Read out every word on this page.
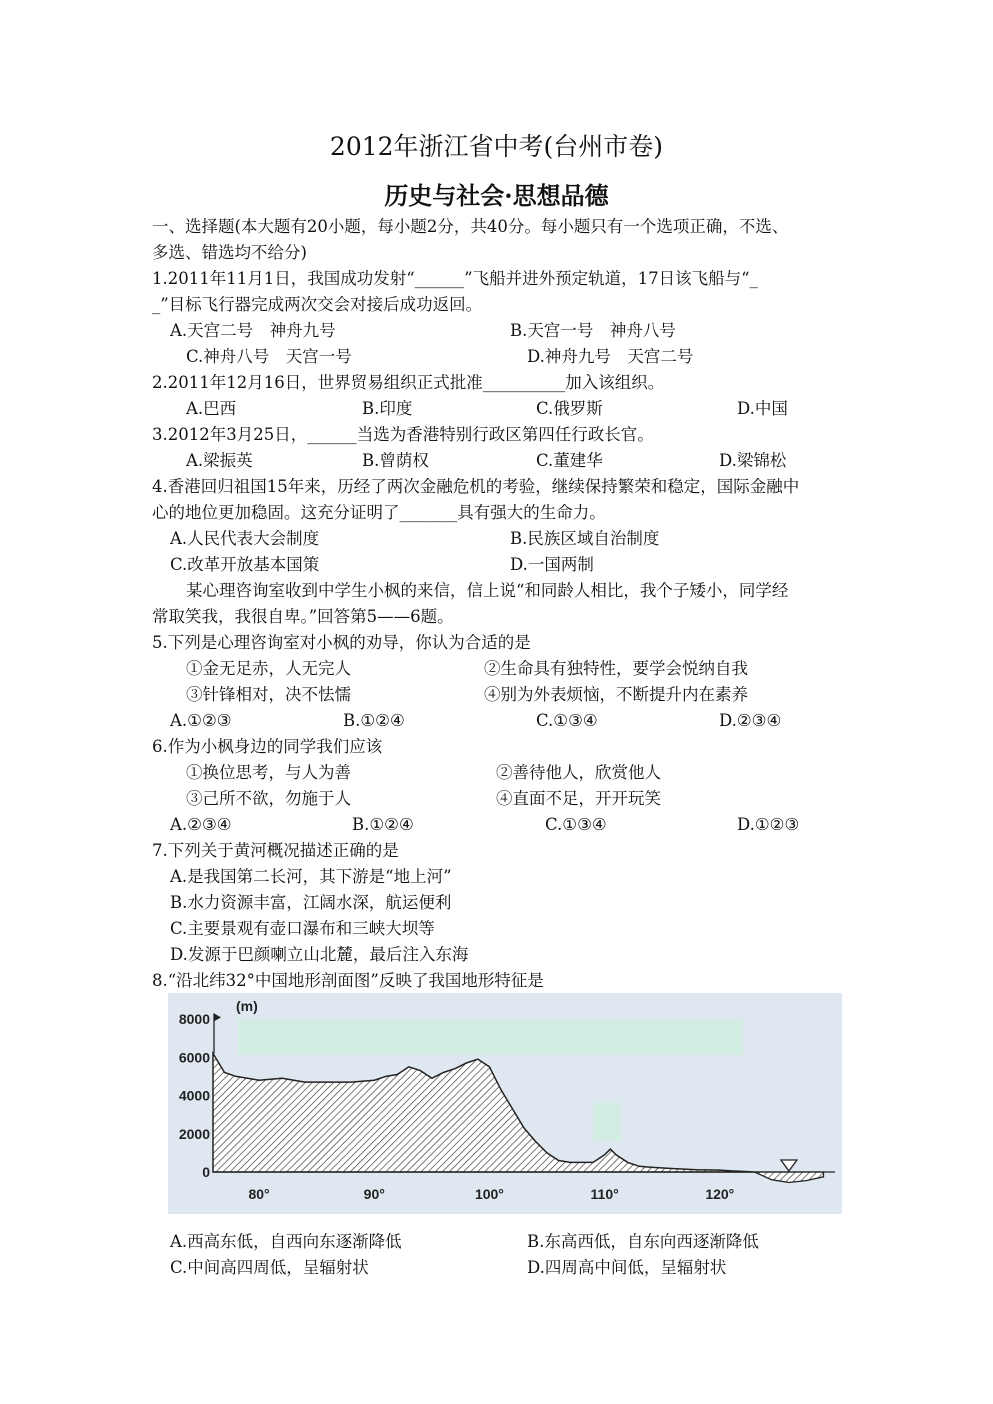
2012年浙江省中考(台州市卷)
历史与社会·思想品德
一、选择题(本大题有20小题，每小题2分，共40分。每小题只有一个选项正确，不选、
多选、错选均不给分)
1.2011年11月1日，我国成功发射“______”飞船并进外预定轨道，17日该飞船与“_
_”目标飞行器完成两次交会对接后成功返回。
A.天宫二号　神舟九号	B.天宫一号　神舟八号
C.神舟八号　天宫一号	D.神舟九号　天宫二号
2.2011年12月16日，世界贸易组织正式批准__________加入该组织。
A.巴西	B.印度	C.俄罗斯	D.中国
3.2012年3月25日，______当选为香港特别行政区第四任行政长官。
A.梁振英	B.曾荫权	C.董建华	D.梁锦松
4.香港回归祖国15年来，历经了两次金融危机的考验，继续保持繁荣和稳定，国际金融中
心的地位更加稳固。这充分证明了_______具有强大的生命力。
A.人民代表大会制度	B.民族区域自治制度
C.改革开放基本国策	D.一国两制
某心理咨询室收到中学生小枫的来信，信上说“和同龄人相比，我个子矮小，同学经
常取笑我，我很自卑。”回答第5——6题。
5.下列是心理咨询室对小枫的劝导，你认为合适的是
①金无足赤，人无完人	②生命具有独特性，要学会悦纳自我
③针锋相对，决不怯懦	④别为外表烦恼，不断提升内在素养
A.①②③	B.①②④	C.①③④	D.②③④
6.作为小枫身边的同学我们应该
①换位思考，与人为善	②善待他人，欣赏他人
③己所不欲，勿施于人	④直面不足，开开玩笑
A.②③④	B.①②④	C.①③④	D.①②③
7.下列关于黄河概况描述正确的是
A.是我国第二长河，其下游是“地上河”
B.水力资源丰富，江阔水深，航运便利
C.主要景观有壶口瀑布和三峡大坝等
D.发源于巴颜喇立山北麓，最后注入东海
8.“沿北纬32°中国地形剖面图”反映了我国地形特征是
(m)
8000
6000
4000
2000
0
80°	90°	100°	110°	120°
A.西高东低，自西向东逐渐降低	B.东高西低，自东向西逐渐降低
C.中间高四周低，呈辐射状	D.四周高中间低，呈辐射状
